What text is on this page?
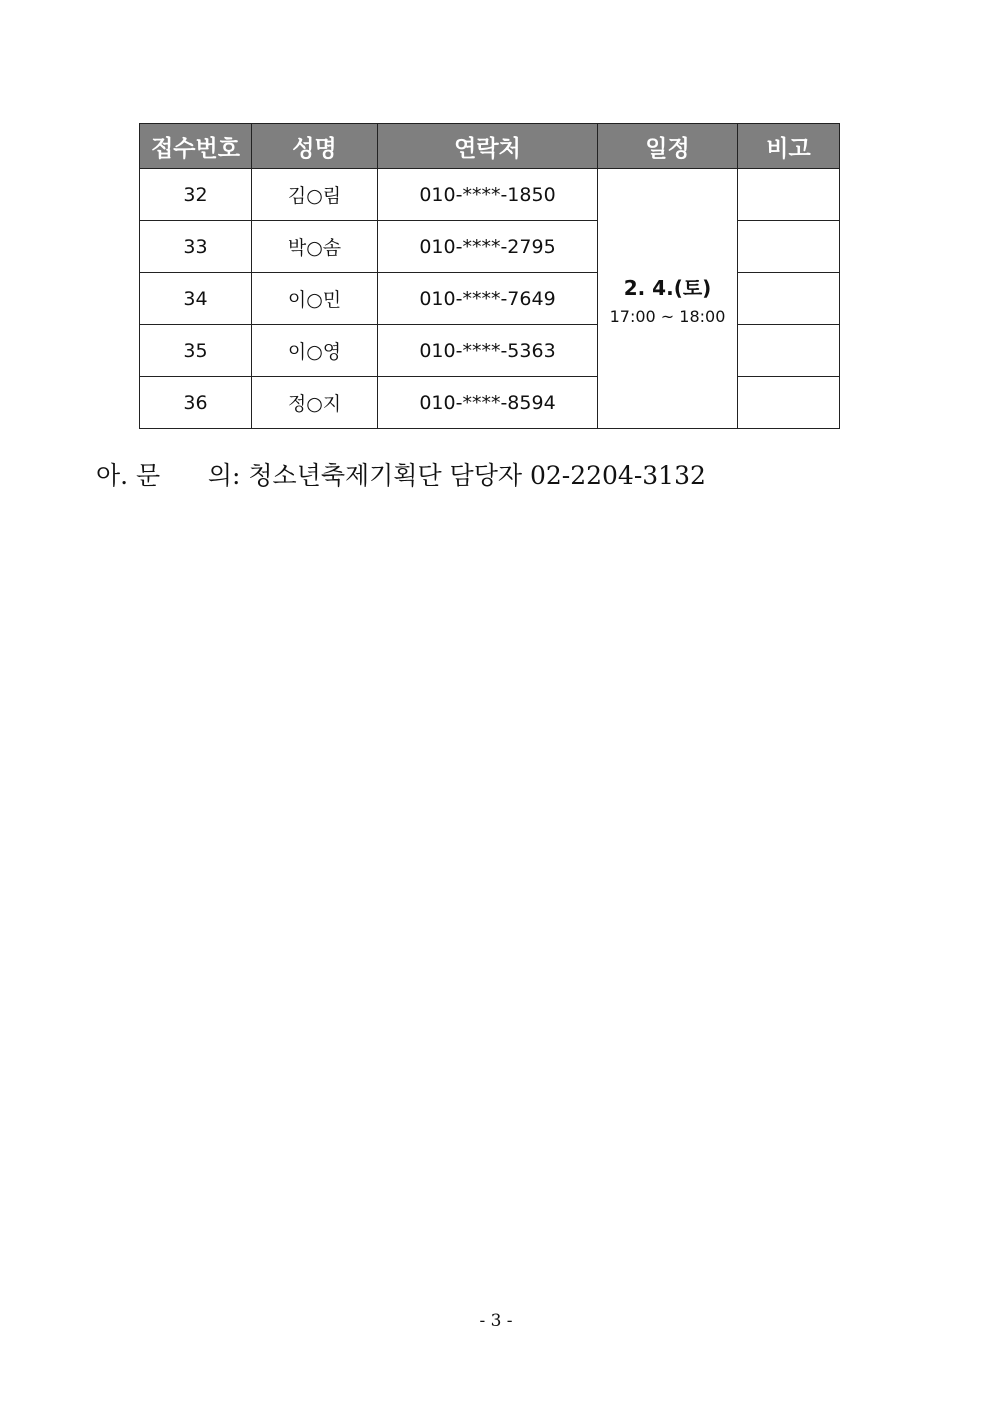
접수번호	성명	연락처	일정	비고
32	김○림	010-****-1850	2. 4.(토)
17:00 ~ 18:00	

33	박○솜	010-****-2795		
34	이○민	010-****-7649		
35	이○영	010-****-5363		
36	정○지	010-****-8594		
아. 문      의: 청소년축제기획단 담당자 02-2204-3132
- 3 -
